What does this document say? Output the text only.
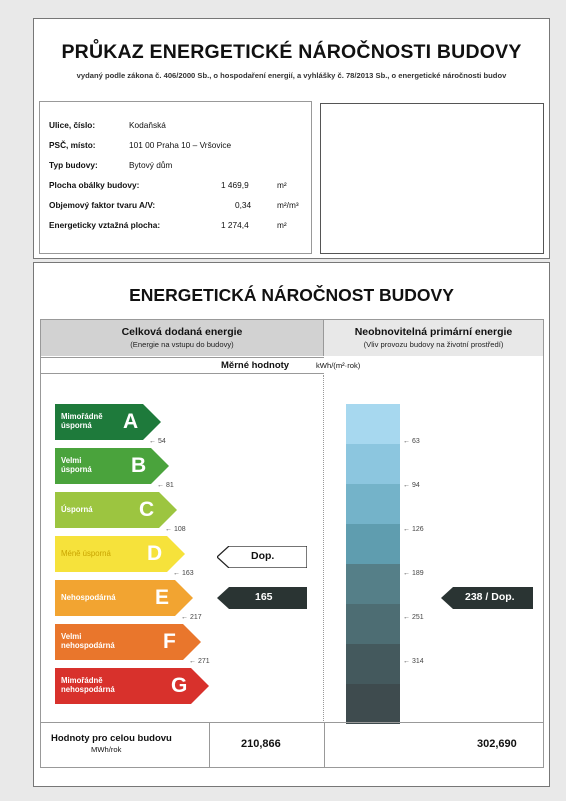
PRŮKAZ ENERGETICKÉ NÁROČNOSTI BUDOVY
vydaný podle zákona č. 406/2000 Sb., o hospodaření energií, a vyhlášky č. 78/2013 Sb., o energetické náročnosti budov
Ulice, číslo:	Kodaňská
PSČ, místo:	101 00 Praha 10 – Vršovice
Typ budovy:	Bytový dům
Plocha obálky budovy:	1 469,9	m²
Objemový faktor tvaru A/V:	0,34	m²/m³
Energeticky vztažná plocha:	1 274,4	m²
ENERGETICKÁ NÁROČNOST BUDOVY
Celková dodaná energie
(Energie na vstupu do budovy)
Neobnovitelná primární energie
(Vliv provozu budovy na životní prostředí)
Měrné hodnoty	kWh/(m²·rok)
Mimořádně
úsporná	A
Velmi
úsporná B
Úsporná C
Méně úsporná D
Nehospodárná E
Velmi
nehospodárná F
Mimořádně
nehospodárná	G
← 54
← 81
← 108
← 163
← 217
← 271
Dop.
165
← 63
← 94
← 126
← 189
← 251
← 314
238 / Dop.
Hodnoty pro celou budovu
MWh/rok	210,866	302,690
